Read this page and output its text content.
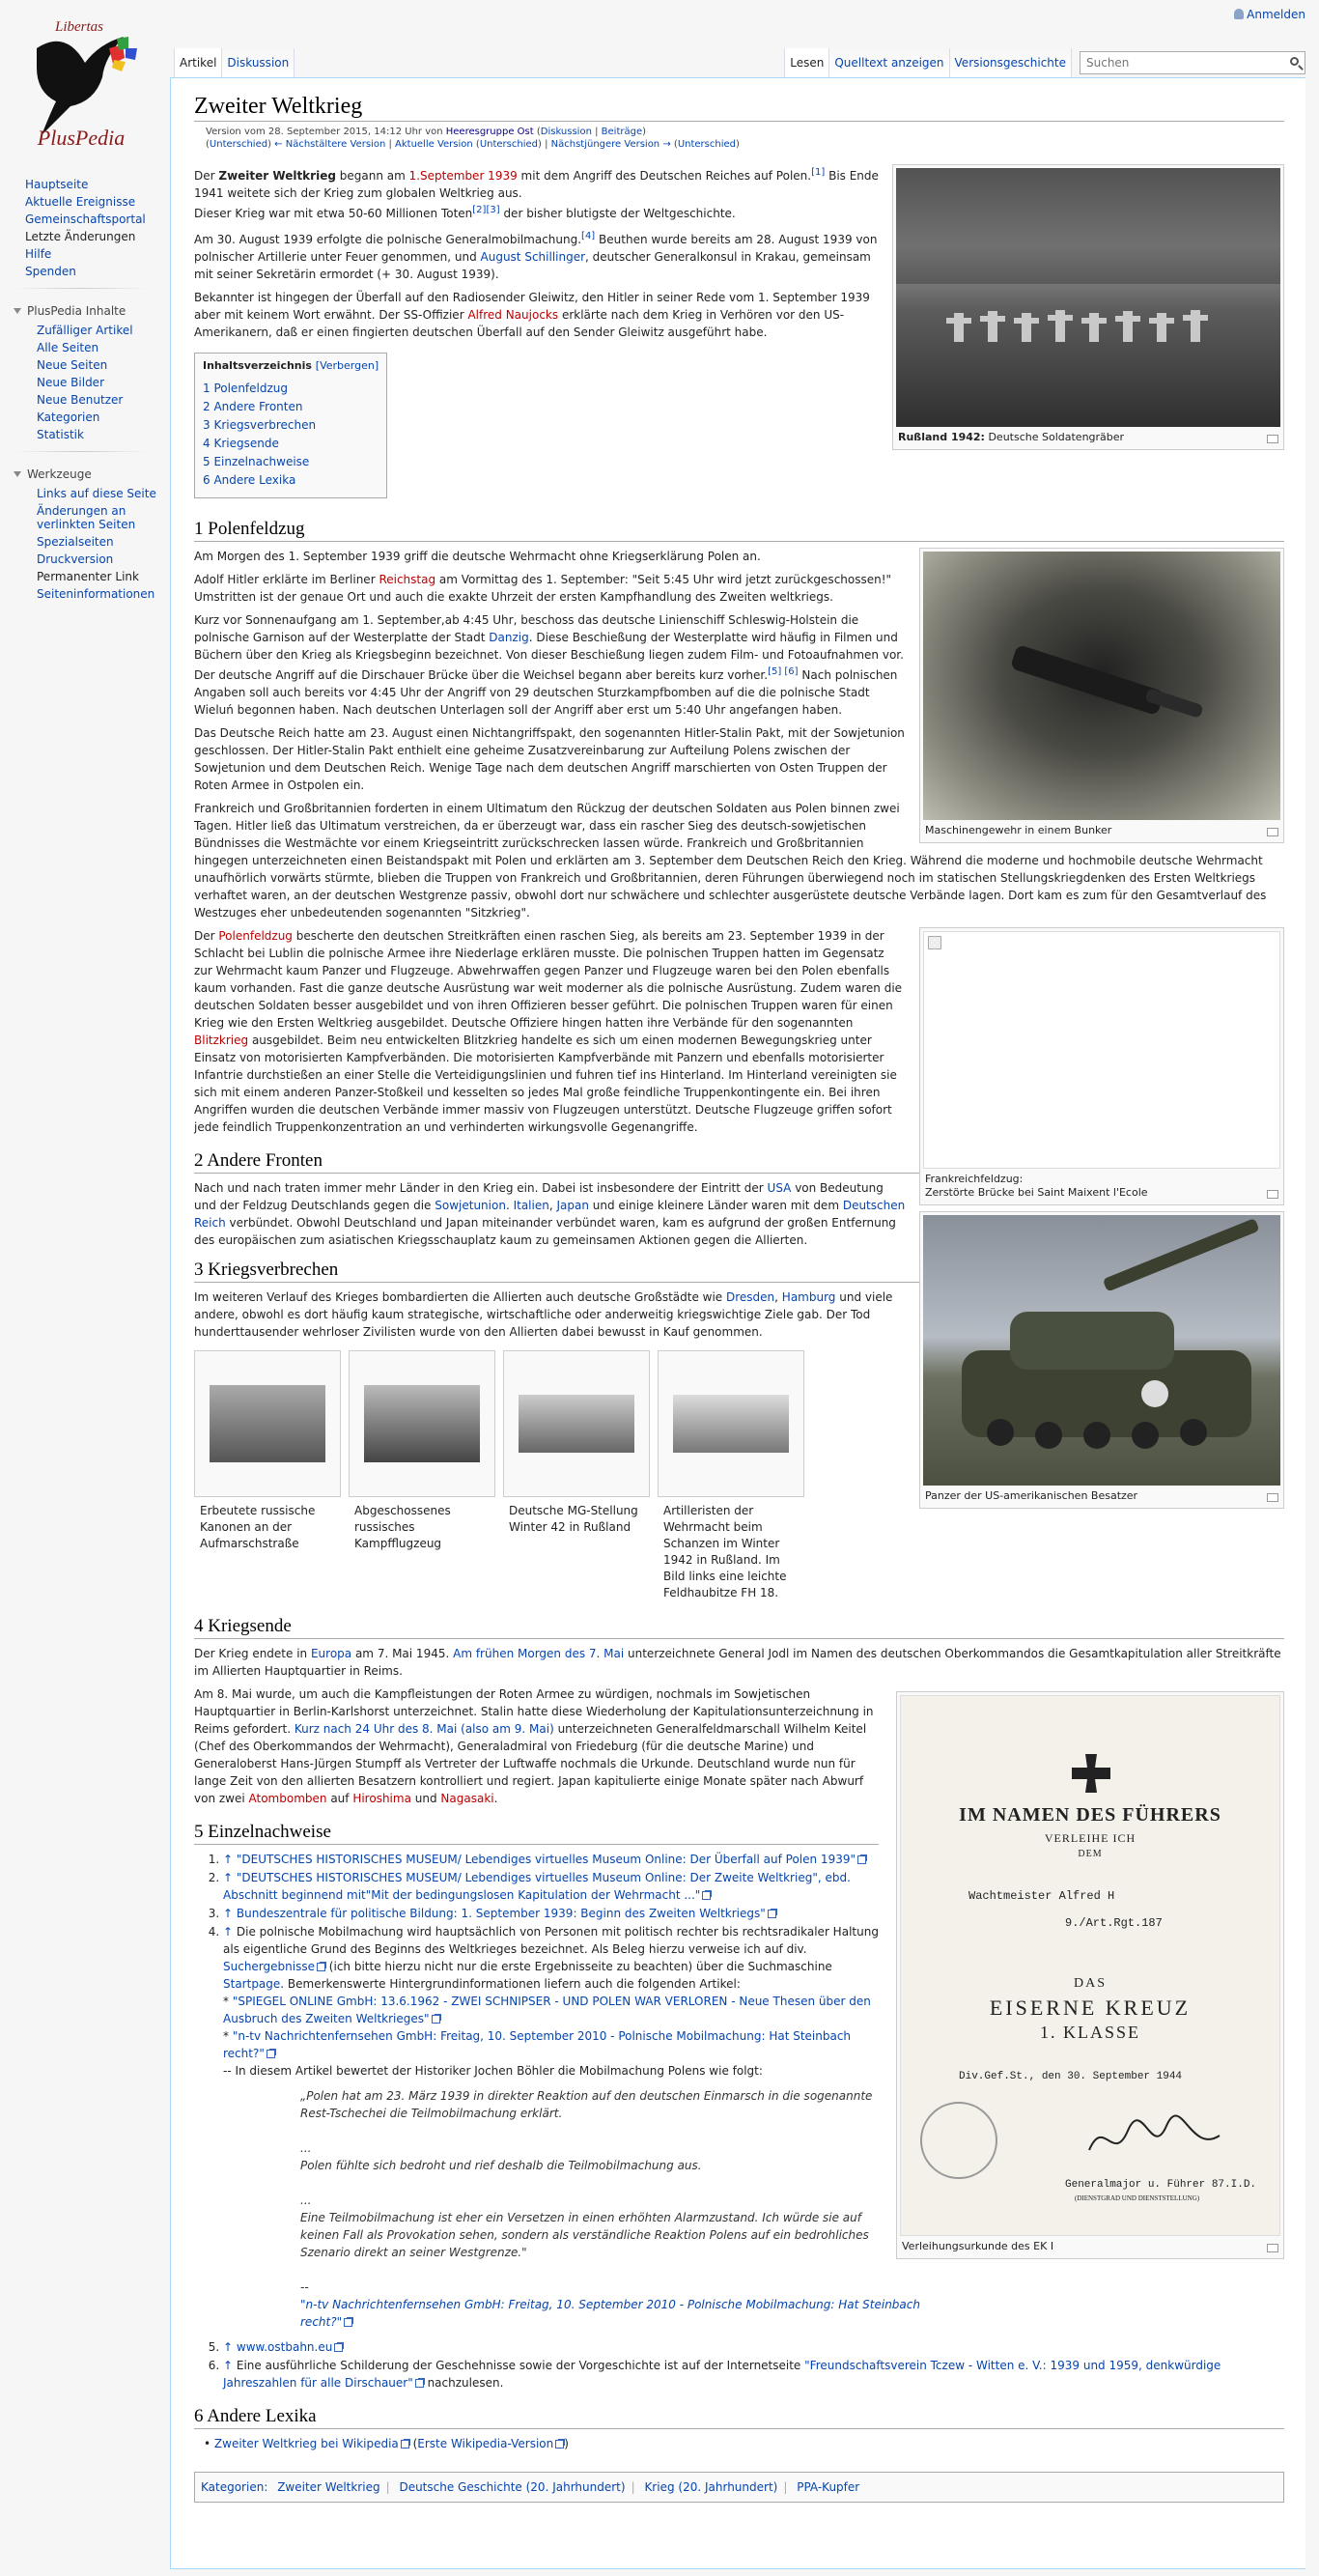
Anmelden
Libertas
PlusPedia
Hauptseite
Aktuelle Ereignisse
Gemeinschaftsportal
Letzte Änderungen
Hilfe
Spenden
PlusPedia Inhalte
Zufälliger Artikel
Alle Seiten
Neue Seiten
Neue Bilder
Neue Benutzer
Kategorien
Statistik
Werkzeuge
Links auf diese Seite
Änderungen an verlinkten Seiten
Spezialseiten
Druckversion
Permanenter Link
Seiteninformationen
Artikel Diskussion	Lesen Quelltext anzeigen Versionsgeschichte
Suchen
Zweiter Weltkrieg
Version vom 28. September 2015, 14:12 Uhr von Heeresgruppe Ost (Diskussion | Beiträge)
(Unterschied) ← Nächstältere Version | Aktuelle Version (Unterschied) | Nächstjüngere Version → (Unterschied)
Rußland 1942: Deutsche Soldatengräber

Der Zweiter Weltkrieg begann am 1.September 1939 mit dem Angriff des Deutschen Reiches auf Polen.[1] Bis Ende 1941 weitete sich der Krieg zum globalen Weltkrieg aus.
Dieser Krieg war mit etwa 50-60 Millionen Toten[2][3] der bisher blutigste der Weltgeschichte.

Am 30. August 1939 erfolgte die polnische Generalmobilmachung.[4] Beuthen wurde bereits am 28. August 1939 von polnischer Artillerie unter Feuer genommen, und August Schillinger, deutscher Generalkonsul in Krakau, gemeinsam mit seiner Sekretärin ermordet (+ 30. August 1939).

Bekannter ist hingegen der Überfall auf den Radiosender Gleiwitz, den Hitler in seiner Rede vom 1. September 1939 aber mit keinem Wort erwähnt. Der SS-Offizier Alfred Naujocks erklärte nach dem Krieg in Verhören vor den US-Amerikanern, daß er einen fingierten deutschen Überfall auf den Sender Gleiwitz ausgeführt habe.

Inhaltsverzeichnis [Verbergen]
1 Polenfeldzug
2 Andere Fronten
3 Kriegsverbrechen
4 Kriegsende
5 Einzelnachweise
6 Andere Lexika
1 Polenfeldzug
Maschinengewehr in einem Bunker

Am Morgen des 1. September 1939 griff die deutsche Wehrmacht ohne Kriegserklärung Polen an.

Adolf Hitler erklärte im Berliner Reichstag am Vormittag des 1. September: "Seit 5:45 Uhr wird jetzt zurückgeschossen!" Umstritten ist der genaue Ort und auch die exakte Uhrzeit der ersten Kampfhandlung des Zweiten weltkriegs.

Kurz vor Sonnenaufgang am 1. September,ab 4:45 Uhr, beschoss das deutsche Linienschiff Schleswig-Holstein die polnische Garnison auf der Westerplatte der Stadt Danzig. Diese Beschießung der Westerplatte wird häufig in Filmen und Büchern über den Krieg als Kriegsbeginn bezeichnet. Von dieser Beschießung liegen zudem Film- und Fotoaufnahmen vor. Der deutsche Angriff auf die Dirschauer Brücke über die Weichsel begann aber bereits kurz vorher.[5] [6] Nach polnischen Angaben soll auch bereits vor 4:45 Uhr der Angriff von 29 deutschen Sturzkampfbomben auf die die polnische Stadt Wieluń begonnen haben. Nach deutschen Unterlagen soll der Angriff aber erst um 5:40 Uhr angefangen haben.

Das Deutsche Reich hatte am 23. August einen Nichtangriffspakt, den sogenannten Hitler-Stalin Pakt, mit der Sowjetunion geschlossen. Der Hitler-Stalin Pakt enthielt eine geheime Zusatzvereinbarung zur Aufteilung Polens zwischen der Sowjetunion und dem Deutschen Reich. Wenige Tage nach dem deutschen Angriff marschierten von Osten Truppen der Roten Armee in Ostpolen ein.

Frankreich und Großbritannien forderten in einem Ultimatum den Rückzug der deutschen Soldaten aus Polen binnen zwei Tagen. Hitler ließ das Ultimatum verstreichen, da er überzeugt war, dass ein rascher Sieg des deutsch-sowjetischen Bündnisses die Westmächte vor einem Kriegseintritt zurückschrecken lassen würde. Frankreich und Großbritannien hingegen unterzeichneten einen Beistandspakt mit Polen und erklärten am 3. September dem Deutschen Reich den Krieg. Während die moderne und hochmobile deutsche Wehrmacht unaufhörlich vorwärts stürmte, blieben die Truppen von Frankreich und Großbritannien, deren Führungen überwiegend noch im statischen Stellungskriegdenken des Ersten Weltkriegs verhaftet waren, an der deutschen Westgrenze passiv, obwohl dort nur schwächere und schlechter ausgerüstete deutsche Verbände lagen. Dort kam es zum für den Gesamtverlauf des Westzuges eher unbedeutenden sogenannten "Sitzkrieg".

Frankreichfeldzug:
Zerstörte Brücke bei Saint Maixent l'Ecole

Der Polenfeldzug bescherte den deutschen Streitkräften einen raschen Sieg, als bereits am 23. September 1939 in der Schlacht bei Lublin die polnische Armee ihre Niederlage erklären musste. Die polnischen Truppen hatten im Gegensatz zur Wehrmacht kaum Panzer und Flugzeuge. Abwehrwaffen gegen Panzer und Flugzeuge waren bei den Polen ebenfalls kaum vorhanden. Fast die ganze deutsche Ausrüstung war weit moderner als die polnische Ausrüstung. Zudem waren die deutschen Soldaten besser ausgebildet und von ihren Offizieren besser geführt. Die polnischen Truppen waren für einen Krieg wie den Ersten Weltkrieg ausgebildet. Deutsche Offiziere hingen hatten ihre Verbände für den sogenannten Blitzkrieg ausgebildet. Beim neu entwickelten Blitzkrieg handelte es sich um einen modernen Bewegungskrieg unter Einsatz von motorisierten Kampfverbänden. Die motorisierten Kampfverbände mit Panzern und ebenfalls motorisierter Infantrie durchstießen an einer Stelle die Verteidigungslinien und fuhren tief ins Hinterland. Im Hinterland vereinigten sie sich mit einem anderen Panzer-Stoßkeil und kesselten so jedes Mal große feindliche Truppenkontingente ein. Bei ihren Angriffen wurden die deutschen Verbände immer massiv von Flugzeugen unterstützt. Deutsche Flugzeuge griffen sofort jede feindlich Truppenkonzentration an und verhinderten wirkungsvolle Gegenangriffe.

2 Andere Fronten
Panzer der US-amerikanischen Besatzer

Nach und nach traten immer mehr Länder in den Krieg ein. Dabei ist insbesondere der Eintritt der USA von Bedeutung und der Feldzug Deutschlands gegen die Sowjetunion. Italien, Japan und einige kleinere Länder waren mit dem Deutschen Reich verbündet. Obwohl Deutschland und Japan miteinander verbündet waren, kam es aufgrund der großen Entfernung des europäischen zum asiatischen Kriegsschauplatz kaum zu gemeinsamen Aktionen gegen die Allierten.

3 Kriegsverbrechen

Im weiteren Verlauf des Krieges bombardierten die Allierten auch deutsche Großstädte wie Dresden, Hamburg und viele andere, obwohl es dort häufig kaum strategische, wirtschaftliche oder anderweitig kriegswichtige Ziele gab. Der Tod hunderttausender wehrloser Zivilisten wurde von den Allierten dabei bewusst in Kauf genommen.

Erbeutete russische Kanonen an der Aufmarschstraße
Abgeschossenes russisches Kampfflugzeug
Deutsche MG-Stellung Winter 42 in Rußland
Artilleristen der Wehrmacht beim Schanzen im Winter 1942 in Rußland. Im Bild links eine leichte Feldhaubitze FH 18.
4 Kriegsende

Der Krieg endete in Europa am 7. Mai 1945. Am frühen Morgen des 7. Mai unterzeichnete General Jodl im Namen des deutschen Oberkommandos die Gesamtkapitulation aller Streitkräfte im Allierten Hauptquartier in Reims.

IM NAMEN DES FÜHRERS
VERLEIHE ICH
DEM
Wachtmeister Alfred H
9./Art.Rgt.187
DAS
EISERNE KREUZ
1. KLASSE
Div.Gef.St., den 30. September 1944
Generalmajor u. Führer 87.I.D.
(DIENSTGRAD UND DIENSTSTELLUNG)
Verleihungsurkunde des EK I

Am 8. Mai wurde, um auch die Kampfleistungen der Roten Armee zu würdigen, nochmals im Sowjetischen Hauptquartier in Berlin-Karlshorst unterzeichnet. Stalin hatte diese Wiederholung der Kapitulationsunterzeichnung in Reims gefordert. Kurz nach 24 Uhr des 8. Mai (also am 9. Mai) unterzeichneten Generalfeldmarschall Wilhelm Keitel (Chef des Oberkommandos der Wehrmacht), Generaladmiral von Friedeburg (für die deutsche Marine) und Generaloberst Hans-Jürgen Stumpff als Vertreter der Luftwaffe nochmals die Urkunde. Deutschland wurde nun für lange Zeit von den allierten Besatzern kontrolliert und regiert. Japan kapitulierte einige Monate später nach Abwurf von zwei Atombomben auf Hiroshima und Nagasaki.

5 Einzelnachweise
1. ↑ "DEUTSCHES HISTORISCHES MUSEUM/ Lebendiges virtuelles Museum Online: Der Überfall auf Polen 1939"
2. ↑ "DEUTSCHES HISTORISCHES MUSEUM/ Lebendiges virtuelles Museum Online: Der Zweite Weltkrieg", ebd. Abschnitt beginnend mit"Mit der bedingungslosen Kapitulation der Wehrmacht ..."
3. ↑ Bundeszentrale für politische Bildung: 1. September 1939: Beginn des Zweiten Weltkriegs"
4. ↑ Die polnische Mobilmachung wird hauptsächlich von Personen mit politisch rechter bis rechtsradikaler Haltung als eigentliche Grund des Beginns des Weltkrieges bezeichnet. Als Beleg hierzu verweise ich auf div. Suchergebnisse (ich bitte hierzu nicht nur die erste Ergebnisseite zu beachten) über die Suchmaschine Startpage. Bemerkenswerte Hintergrundinformationen liefern auch die folgenden Artikel:
* "SPIEGEL ONLINE GmbH: 13.6.1962 - ZWEI SCHNIPSER - UND POLEN WAR VERLOREN - Neue Thesen über den Ausbruch des Zweiten Weltkrieges"
* "n-tv Nachrichtenfernsehen GmbH: Freitag, 10. September 2010 - Polnische Mobilmachung: Hat Steinbach recht?"
-- In diesem Artikel bewertet der Historiker Jochen Böhler die Mobilmachung Polens wie folgt:
„Polen hat am 23. März 1939 in direkter Reaktion auf den deutschen Einmarsch in die sogenannte Rest-Tschechei die Teilmobilmachung erklärt.

...
Polen fühlte sich bedroht und rief deshalb die Teilmobilmachung aus.

...
Eine Teilmobilmachung ist eher ein Versetzen in einen erhöhten Alarmzustand. Ich würde sie auf keinen Fall als Provokation sehen, sondern als verständliche Reaktion Polens auf ein bedrohliches Szenario direkt an seiner Westgrenze."

--
"n-tv Nachrichtenfernsehen GmbH: Freitag, 10. September 2010 - Polnische Mobilmachung: Hat Steinbach recht?"
5. ↑ www.ostbahn.eu
6. ↑ Eine ausführliche Schilderung der Geschehnisse sowie der Vorgeschichte ist auf der Internetseite "Freundschaftsverein Tczew - Witten e. V.: 1939 und 1959, denkwürdige Jahreszahlen für alle Dirschauer" nachzulesen.
6 Andere Lexika
• Zweiter Weltkrieg bei Wikipedia (Erste Wikipedia-Version )
Kategorien: Zweiter Weltkrieg | Deutsche Geschichte (20. Jahrhundert) | Krieg (20. Jahrhundert) | PPA-Kupfer
